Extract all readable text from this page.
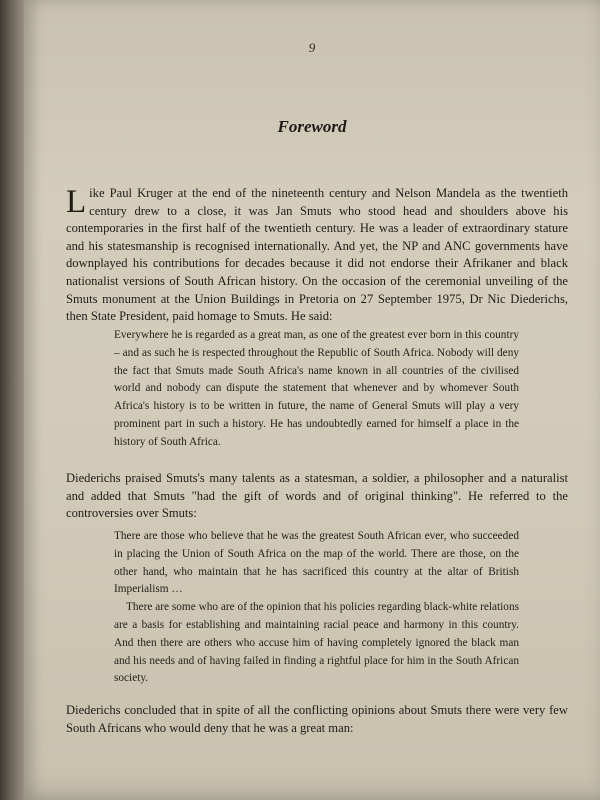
9
Foreword
Like Paul Kruger at the end of the nineteenth century and Nelson Mandela as the twentieth century drew to a close, it was Jan Smuts who stood head and shoulders above his contemporaries in the first half of the twentieth century. He was a leader of extraordinary stature and his statesmanship is recognised internationally. And yet, the NP and ANC governments have downplayed his contributions for decades because it did not endorse their Afrikaner and black nationalist versions of South African history. On the occasion of the ceremonial unveiling of the Smuts monument at the Union Buildings in Pretoria on 27 September 1975, Dr Nic Diederichs, then State President, paid homage to Smuts. He said:

Everywhere he is regarded as a great man, as one of the greatest ever born in this country – and as such he is respected throughout the Republic of South Africa. Nobody will deny the fact that Smuts made South Africa's name known in all countries of the civilised world and nobody can dispute the statement that whenever and by whomever South Africa's history is to be written in future, the name of General Smuts will play a very prominent part in such a history. He has undoubtedly earned for himself a place in the history of South Africa.

Diederichs praised Smuts's many talents as a statesman, a soldier, a philosopher and a naturalist and added that Smuts "had the gift of words and of original thinking". He referred to the controversies over Smuts:

There are those who believe that he was the greatest South African ever, who succeeded in placing the Union of South Africa on the map of the world. There are those, on the other hand, who maintain that he has sacrificed this country at the altar of British Imperialism …

There are some who are of the opinion that his policies regarding black-white relations are a basis for establishing and maintaining racial peace and harmony in this country. And then there are others who accuse him of having completely ignored the black man and his needs and of having failed in finding a rightful place for him in the South African society.

Diederichs concluded that in spite of all the conflicting opinions about Smuts there were very few South Africans who would deny that he was a great man:
